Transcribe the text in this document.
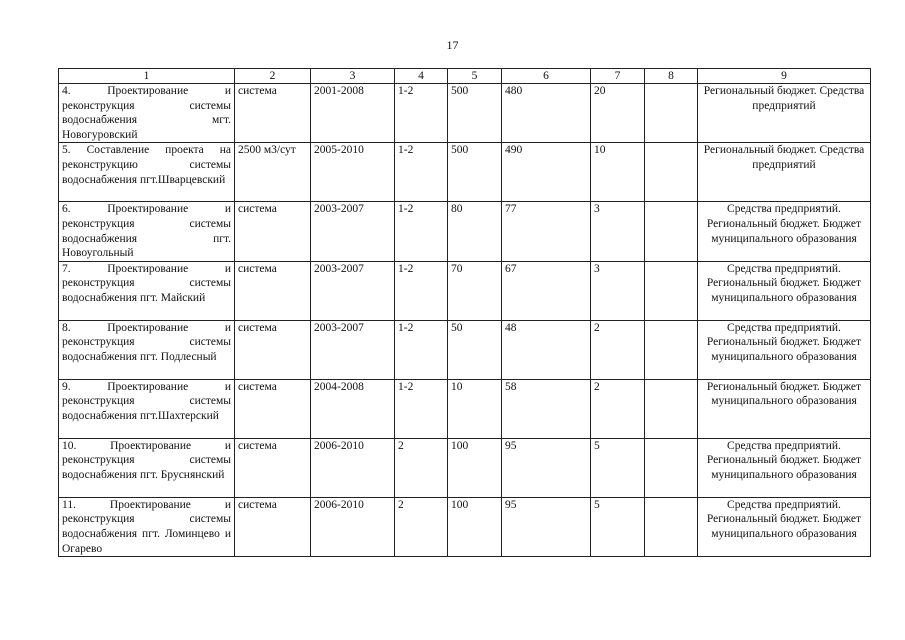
17
1	2	3	4	5	6	7	8	9
4. Проектирование и реконструкция системы водоснабжения мгт. Новогуровский	система	2001-2008	1-2	500	480	20		Региональный бюджет. Средства предприятий
5. Составление проекта на реконструкцию системы водоснабжения пгт.Шварцевский	2500 м3/сут	2005-2010	1-2	500	490	10		Региональный бюджет. Средства предприятий
6. Проектирование и реконструкция системы водоснабжения пгт. Новоугольный	система	2003-2007	1-2	80	77	3		Средства предприятий. Региональный бюджет. Бюджет муниципального образования
7. Проектирование и реконструкция системы водоснабжения пгт. Майский	система	2003-2007	1-2	70	67	3		Средства предприятий. Региональный бюджет. Бюджет муниципального образования
8. Проектирование и реконструкция системы водоснабжения пгт. Подлесный	система	2003-2007	1-2	50	48	2		Средства предприятий. Региональный бюджет. Бюджет муниципального образования
9. Проектирование и реконструкция системы водоснабжения пгт.Шахтерский	система	2004-2008	1-2	10	58	2		Региональный бюджет. Бюджет муниципального образования
10. Проектирование и реконструкция системы водоснабжения пгт. Бруснянский	система	2006-2010	2	100	95	5		Средства предприятий. Региональный бюджет. Бюджет муниципального образования
11. Проектирование и реконструкция системы водоснабжения пгт. Ломинцево и Огарево	система	2006-2010	2	100	95	5		Средства предприятий. Региональный бюджет. Бюджет муниципального образования
